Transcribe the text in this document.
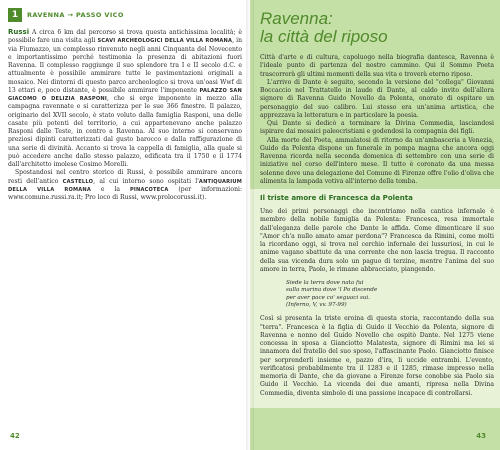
1	RAVENNA → PASSO VICO

Russi A circa 6 km dal percorso si trova questa antichissima località; è possibile fare una visita agli SCAVI ARCHEOLOGICI DELLA VILLA ROMANA, in via Fiumazzo, un complesso rinvenuto negli anni Cinquanta del Novecento e importantissimo perché testimonia la presenza di abitazioni fuori Ravenna. Il complesso raggiunge il suo splendore tra I e II secolo d.C. e attualmente è possibile ammirare tutte le pavimentazioni originali a mosaico. Nei dintorni di questo parco archeologico si trova un'oasi Wwf di 13 ettari e, poco distante, è possibile ammirare l'imponente PALAZZO SAN GIACOMO O DELIZIA RASPONI, che si erge imponente in mezzo alla campagna ravennate e si caratterizza per le sue 366 finestre. Il palazzo, originario del XVII secolo, è stato voluto dalla famiglia Rasponi, una delle casate più potenti del territorio, a cui appartenevano anche palazzo Rasponi dalle Teste, in centro a Ravenna. Al suo interno si conservano preziosi dipinti caratterizzati dal gusto barocco e dalla raffigurazione di una serie di divinità. Accanto si trova la cappella di famiglia, alla quale si può accedere anche dallo stesso palazzo, edificata tra il 1750 e il 1774 dall'architetto imolese Cosimo Morelli.

Spostandosi nel centro storico di Russi, è possibile ammirare ancora resti dell'antico CASTELLO, al cui interno sono ospitati l'ANTIQUARIUM DELLA VILLA ROMANA e la PINACOTECA (per informazioni: www.comune.russi.ra.it; Pro loco di Russi, www.prolocorussi.it).

42
Ravenna:
la città del riposo

Città d'arte e di cultura, capoluogo nella biografia dantesca, Ravenna è l'ideale punto di partenza del nostro cammino. Qui il Sommo Poeta trascorrerà gli ultimi momenti della sua vita e troverà eterno riposo.

L'arrivo di Dante è seguito, secondo la versione del "collega" Giovanni Boccaccio nel Trattatello in laude di Dante, al caldo invito dell'allora signore di Ravenna Guido Novello da Polenta, onorato di ospitare un personaggio del suo calibro. Lui stesso era un'anima artistica, che apprezzava la letteratura e in particolare la poesia.

Qui Dante si dedicò a terminare la Divina Commedia, lasciandosi ispirare dai mosaici paleocristiani e godendosi la compagnia dei figli.

Alla morte del Poeta, ammalatosi di ritorno da un'ambasceria a Venezia, Guido da Polenta dispone un funerale in pompa magna che ancora oggi Ravenna ricorda nella seconda domenica di settembre con una serie di iniziative nel corso dell'intero mese. Il tutto è coronato da una messa solenne dove una delegazione del Comune di Firenze offre l'olio d'oliva che alimenta la lampada votiva all'interno della tomba.

Il triste amore di Francesca da Polenta

Uno dei primi personaggi che incontriamo nella cantica infernale è membro della nobile famiglia da Polenta: Francesca, resa immortale dall'eleganza delle parole che Dante le affida. Come dimenticare il suo "Amor ch'a nullo amato amar perdona"? Francesca da Rimini, come molti la ricordano oggi, si trova nel cerchio infernale dei lussuriosi, in cui le anime vagano sbattute da una corrente che non lascia tregua. Il racconto della sua vicenda dura solo un paguo di terzine, mentre l'anima del suo amore in terra, Paolo, le rimane abbracciato, piangendo.

Siede la terra dove nata fui
sulla marina dove 'l Po discende
per aver pace co' seguaci sui.
(Inferno, V, vv. 97-99)

Così si presenta la triste eroina di questa storia, raccontando della sua "terra". Francesca è la figlia di Guido il Vecchio da Polenta, signore di Ravenna e nonno del Guido Novello che ospitò Dante. Nel 1275 viene concessa in sposa a Gianciotto Malatesta, signore di Rimini ma lei si innamora del fratello del suo sposo, l'affascinante Paolo. Gianciotto finisce per sorprenderli insieme e, pazzo d'ira, li uccide entrambi. L'evento, verificatosi probabilmente tra il 1283 e il 1285, rimase impresso nella memoria di Dante, che da giovane a Firenze forse conobbe sia Paolo sia Guido il Vecchio. La vicenda dei due amanti, ripresa nella Divina Commedia, diventa simbolo di una passione incapace di controllarsi.

43
